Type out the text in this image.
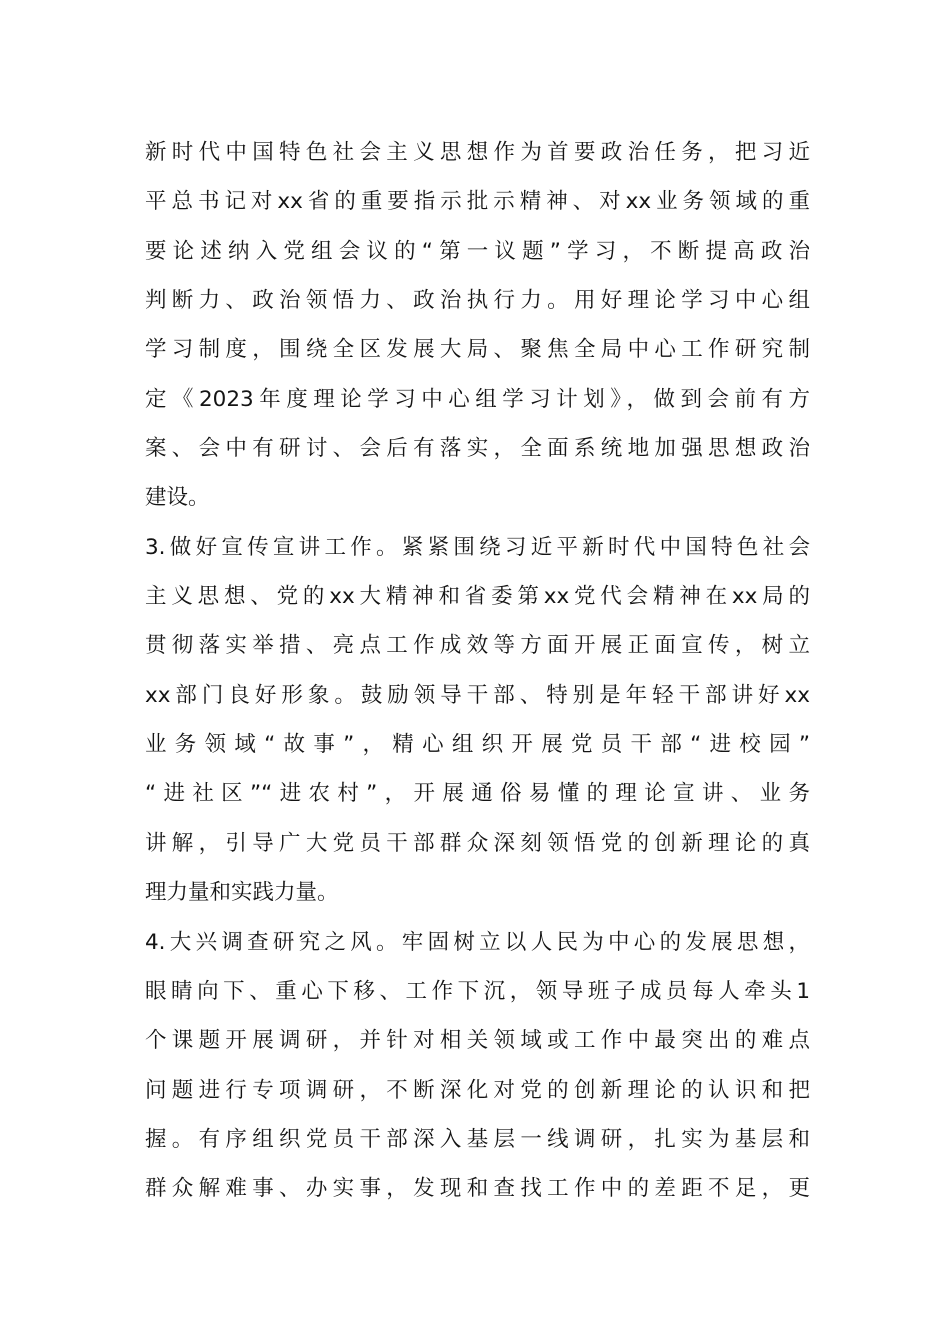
新时代中国特色社会主义思想作为首要政治任务，把习近
平总书记对xx省的重要指示批示精神、对xx业务领域的重
要论述纳入党组会议的“第一议题”学习，不断提高政治
判断力、政治领悟力、政治执行力。用好理论学习中心组
学习制度，围绕全区发展大局、聚焦全局中心工作研究制
定《2023年度理论学习中心组学习计划》，做到会前有方
案、会中有研讨、会后有落实，全面系统地加强思想政治
建设。
3.做好宣传宣讲工作。紧紧围绕习近平新时代中国特色社会
主义思想、党的xx大精神和省委第xx党代会精神在xx局的
贯彻落实举措、亮点工作成效等方面开展正面宣传，树立
xx部门良好形象。鼓励领导干部、特别是年轻干部讲好xx
业务领域“故事”，精心组织开展党员干部“进校园”
“进社区”“进农村”，开展通俗易懂的理论宣讲、业务
讲解，引导广大党员干部群众深刻领悟党的创新理论的真
理力量和实践力量。
4.大兴调查研究之风。牢固树立以人民为中心的发展思想，
眼睛向下、重心下移、工作下沉，领导班子成员每人牵头1
个课题开展调研，并针对相关领域或工作中最突出的难点
问题进行专项调研，不断深化对党的创新理论的认识和把
握。有序组织党员干部深入基层一线调研，扎实为基层和
群众解难事、办实事，发现和查找工作中的差距不足，更
